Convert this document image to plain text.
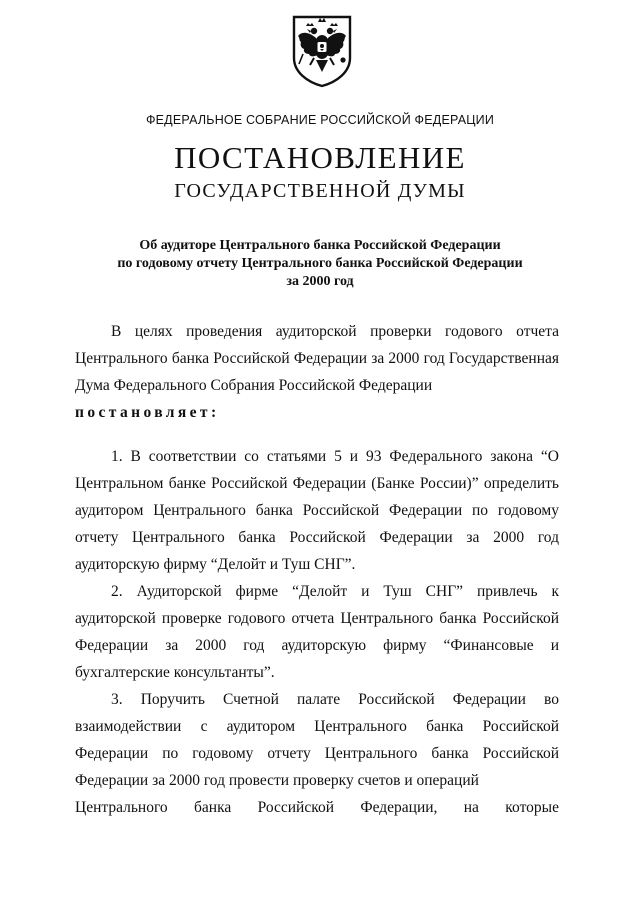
ФЕДЕРАЛЬНОЕ СОБРАНИЕ РОССИЙСКОЙ ФЕДЕРАЦИИ
ПОСТАНОВЛЕНИЕ
ГОСУДАРСТВЕННОЙ ДУМЫ
Об аудиторе Центрального банка Российской Федерации
по годовому отчету Центрального банка Российской Федерации
за 2000 год

В целях проведения аудиторской проверки годового отчета Центрального банка Российской Федерации за 2000 год Государственная Дума Федерального Собрания Российской Федерации
постановляет:

1. В соответствии со статьями 5 и 93 Федерального закона “О Центральном банке Российской Федерации (Банке России)” определить аудитором Центрального банка Российской Федерации по годовому отчету Центрального банка Российской Федерации за 2000 год аудиторскую фирму “Делойт и Туш СНГ”.

2. Аудиторской фирме “Делойт и Туш СНГ” привлечь к аудиторской проверке годового отчета Центрального банка Российской Федерации за 2000 год аудиторскую фирму “Финансовые и бухгалтерские консультанты”.

3. Поручить Счетной палате Российской Федерации во взаимодействии с аудитором Центрального банка Российской Федерации по годовому отчету Центрального банка Российской Федерации за 2000 год провести проверку счетов и операций

Центрального банка Российской Федерации, на которые
